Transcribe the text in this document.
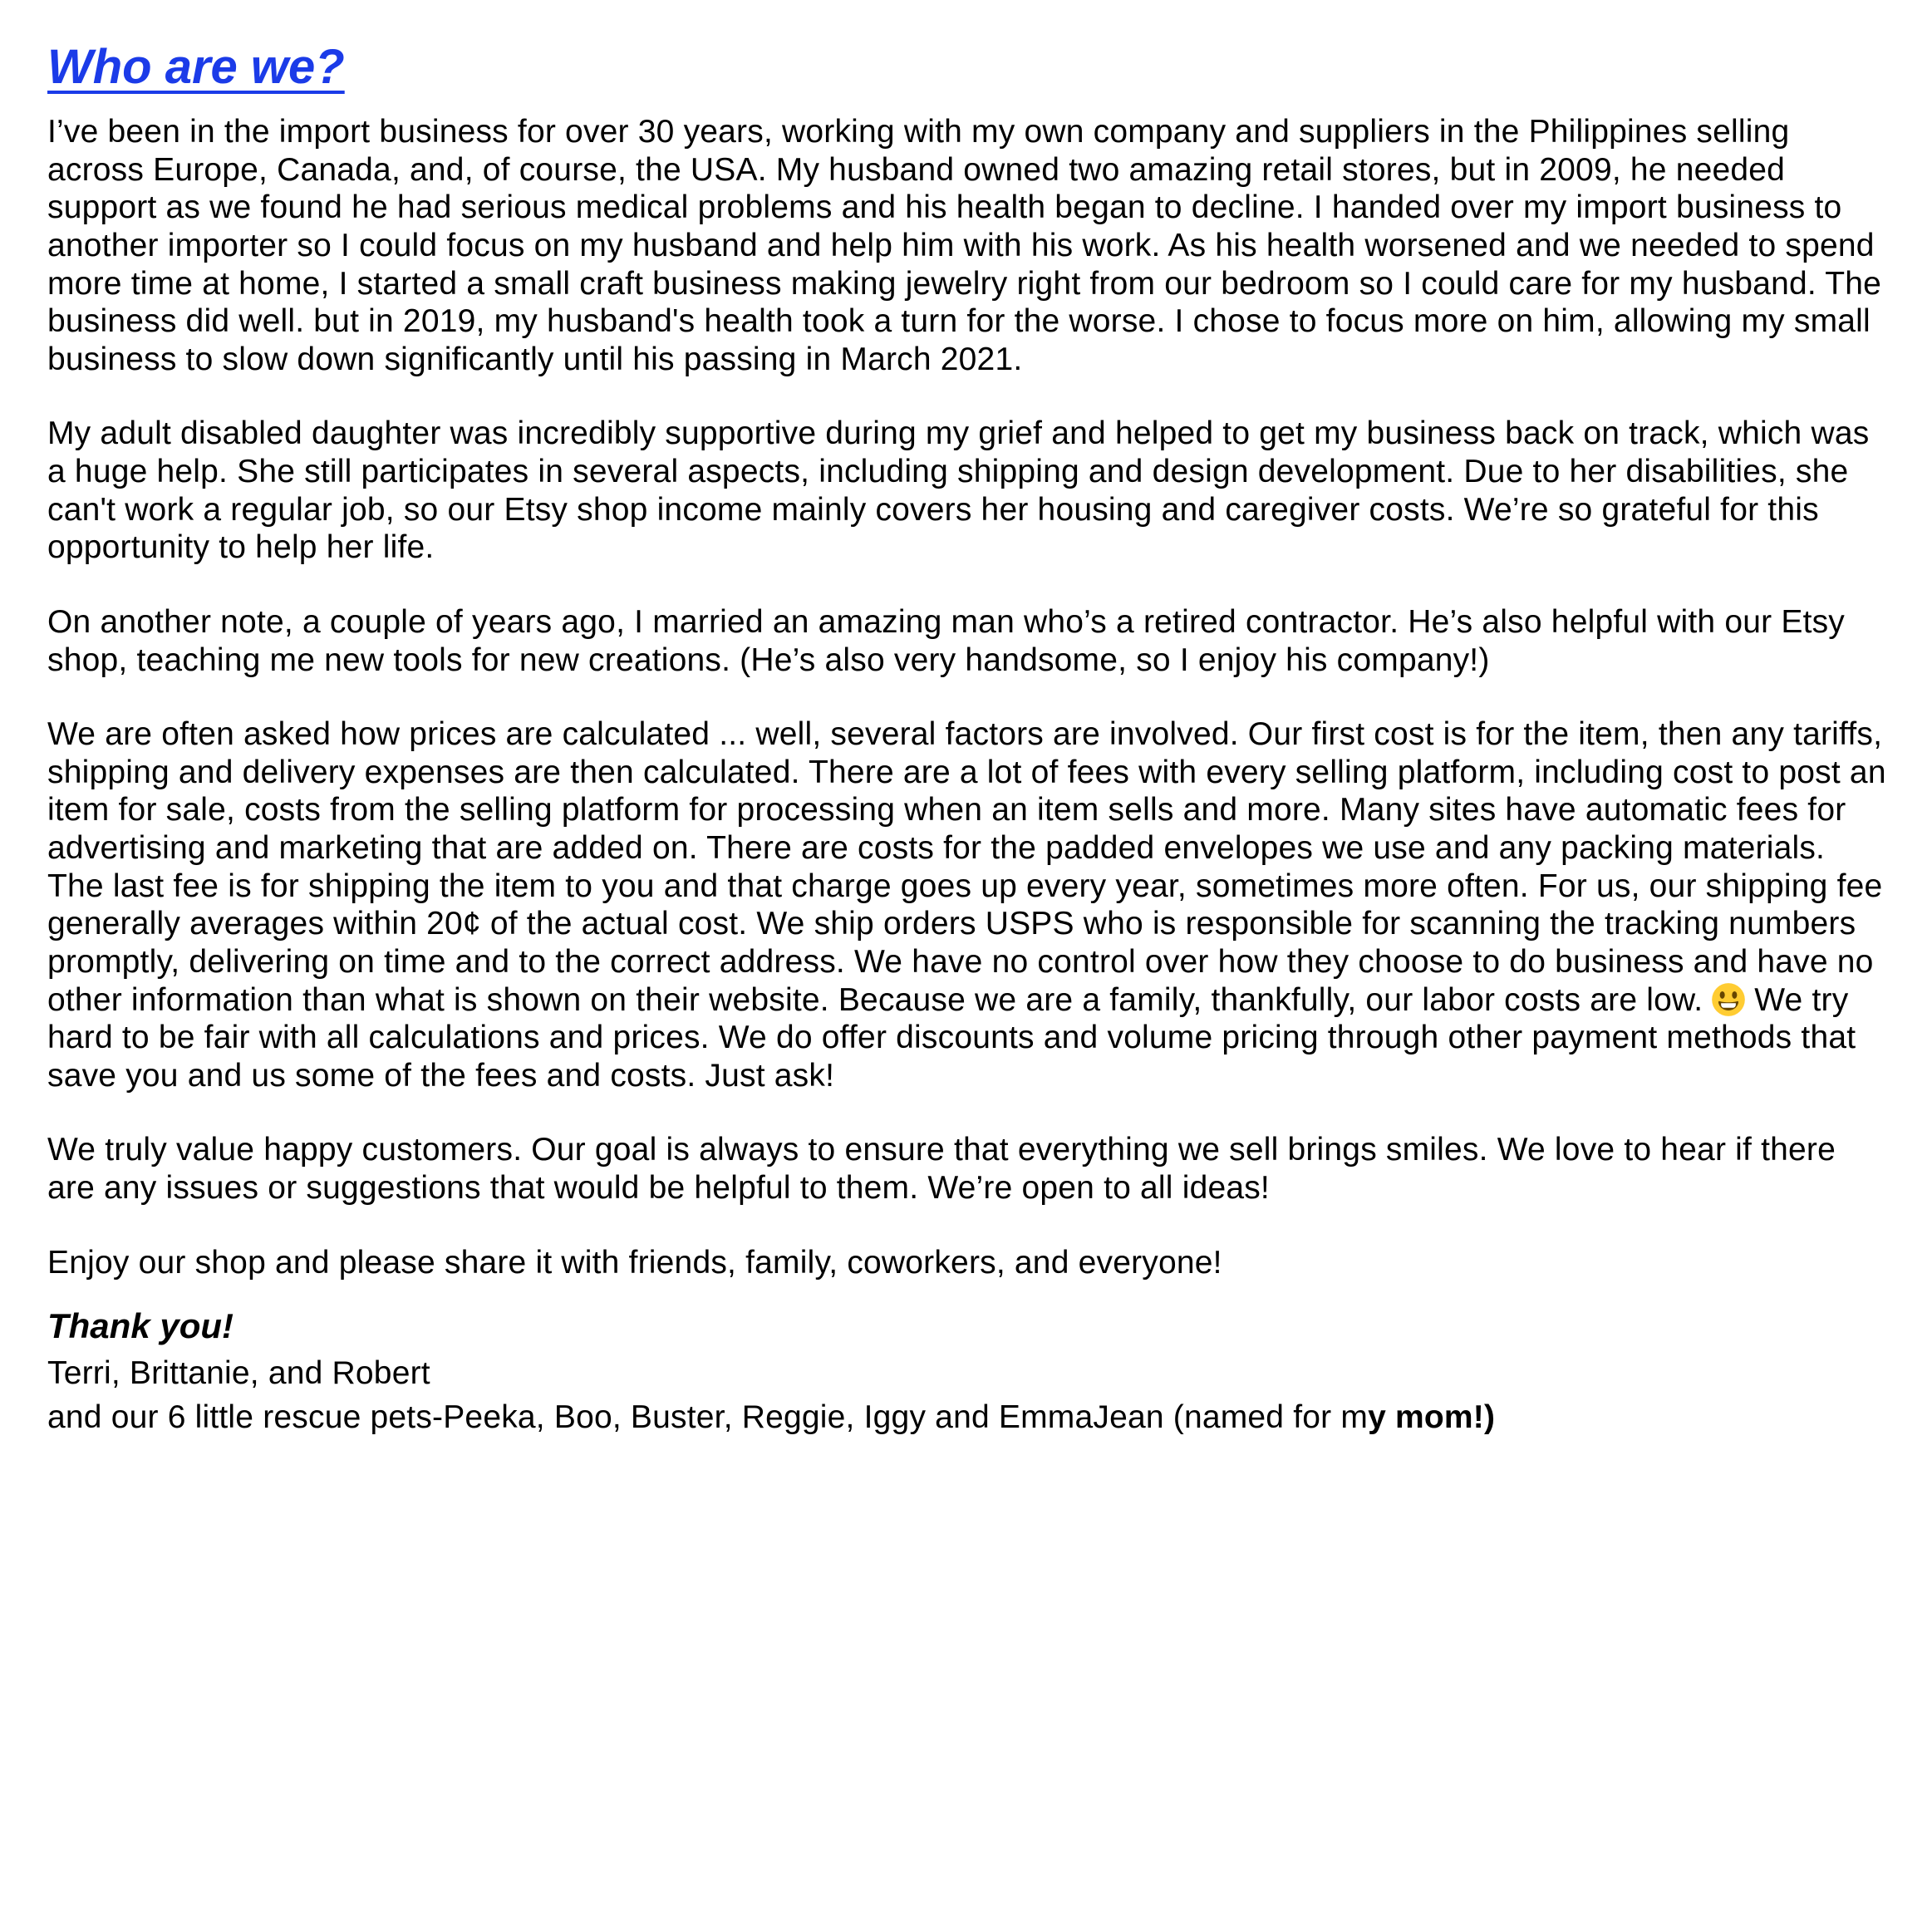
Who are we?

I’ve been in the import business for over 30 years, working with my own company and suppliers in the Philippines selling across Europe, Canada, and, of course, the USA. My husband owned two amazing retail stores, but in 2009, he needed support as we found he had serious medical problems and his health began to decline. I handed over my import business to another importer so I could focus on my husband and help him with his work. As his health worsened and we needed to spend more time at home, I started a small craft business making jewelry right from our bedroom so I could care for my husband. The business did well. but in 2019, my husband's health took a turn for the worse. I chose to focus more on him, allowing my small business to slow down significantly until his passing in March 2021.

My adult disabled daughter was incredibly supportive during my grief and helped to get my business back on track, which was a huge help. She still participates in several aspects, including shipping and design development. Due to her disabilities, she can't work a regular job, so our Etsy shop income mainly covers her housing and caregiver costs. We’re so grateful for this opportunity to help her life.

On another note, a couple of years ago, I married an amazing man who’s a retired contractor. He’s also helpful with our Etsy shop, teaching me new tools for new creations. (He’s also very handsome, so I enjoy his company!)

We are often asked how prices are calculated ... well, several factors are involved. Our first cost is for the item, then any tariffs, shipping and delivery expenses are then calculated. There are a lot of fees with every selling platform, including cost to post an item for sale, costs from the selling platform for processing when an item sells and more. Many sites have automatic fees for advertising and marketing that are added on. There are costs for the padded envelopes we use and any packing materials. The last fee is for shipping the item to you and that charge goes up every year, sometimes more often. For us, our shipping fee generally averages within 20¢ of the actual cost. We ship orders USPS who is responsible for scanning the tracking numbers promptly, delivering on time and to the correct address. We have no control over how they choose to do business and have no other information than what is shown on their website. Because we are a family, thankfully, our labor costs are low. We try hard to be fair with all calculations and prices. We do offer discounts and volume pricing through other payment methods that save you and us some of the fees and costs. Just ask!

We truly value happy customers. Our goal is always to ensure that everything we sell brings smiles. We love to hear if there are any issues or suggestions that would be helpful to them. We’re open to all ideas!

Enjoy our shop and please share it with friends, family, coworkers, and everyone!

Thank you!

Terri, Brittanie, and Robert

and our 6 little rescue pets-Peeka, Boo, Buster, Reggie, Iggy and EmmaJean (named for my mom!)
